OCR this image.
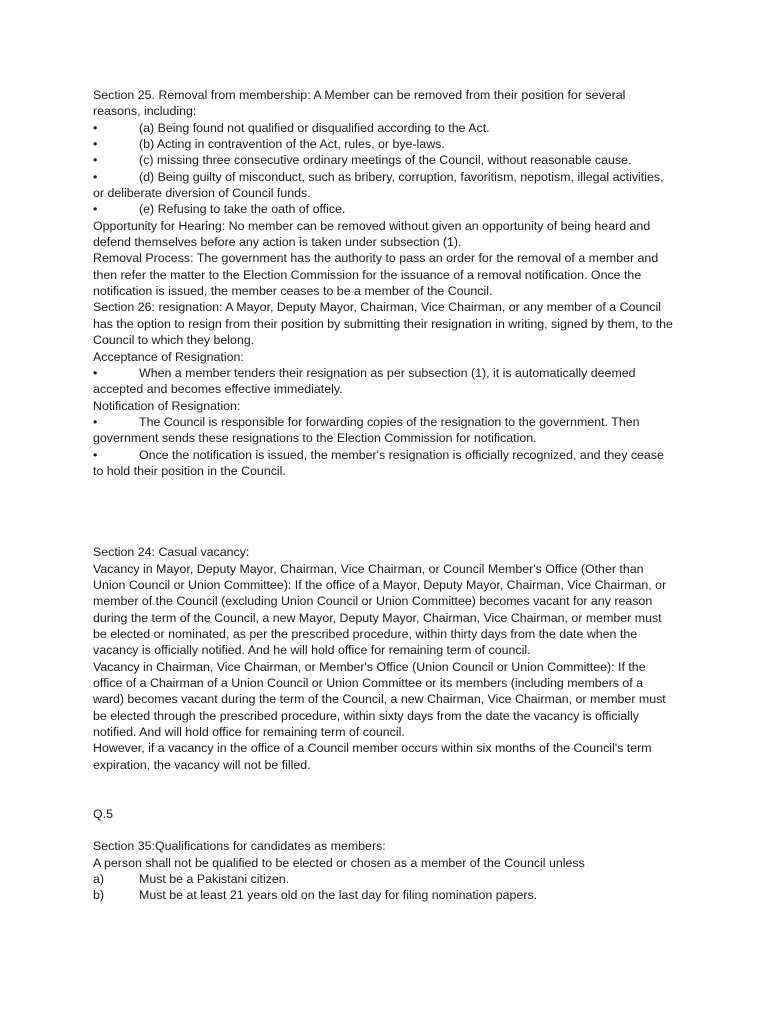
Section 25. Removal from membership: A Member can be removed from their position for several reasons, including:

•	(a) Being found not qualified or disqualified according to the Act.
•	(b) Acting in contravention of the Act, rules, or bye-laws.
•	(c) missing three consecutive ordinary meetings of the Council, without reasonable cause.
•	(d) Being guilty of misconduct, such as bribery, corruption, favoritism, nepotism, illegal activities, or deliberate diversion of Council funds.
•	(e) Refusing to take the oath of office.

Opportunity for Hearing: No member can be removed without given an opportunity of being heard and defend themselves before any action is taken under subsection (1).

Removal Process: The government has the authority to pass an order for the removal of a member and then refer the matter to the Election Commission for the issuance of a removal notification. Once the notification is issued, the member ceases to be a member of the Council.

Section 26: resignation: A Mayor, Deputy Mayor, Chairman, Vice Chairman, or any member of a Council has the option to resign from their position by submitting their resignation in writing, signed by them, to the Council to which they belong.

Acceptance of Resignation:

•	When a member tenders their resignation as per subsection (1), it is automatically deemed accepted and becomes effective immediately.

Notification of Resignation:

•	The Council is responsible for forwarding copies of the resignation to the government. Then government sends these resignations to the Election Commission for notification.
•	Once the notification is issued, the member's resignation is officially recognized, and they cease to hold their position in the Council.

Section 24: Casual vacancy:

Vacancy in Mayor, Deputy Mayor, Chairman, Vice Chairman, or Council Member's Office (Other than Union Council or Union Committee): If the office of a Mayor, Deputy Mayor, Chairman, Vice Chairman, or member of the Council (excluding Union Council or Union Committee) becomes vacant for any reason during the term of the Council, a new Mayor, Deputy Mayor, Chairman, Vice Chairman, or member must be elected or nominated, as per the prescribed procedure, within thirty days from the date when the vacancy is officially notified. And he will hold office for remaining term of council.

Vacancy in Chairman, Vice Chairman, or Member's Office (Union Council or Union Committee): If the office of a Chairman of a Union Council or Union Committee or its members (including members of a ward) becomes vacant during the term of the Council, a new Chairman, Vice Chairman, or member must be elected through the prescribed procedure, within sixty days from the date the vacancy is officially notified. And will hold office for remaining term of council.

However, if a vacancy in the office of a Council member occurs within six months of the Council's term expiration, the vacancy will not be filled.

Q.5

Section 35:Qualifications for candidates as members:

A person shall not be qualified to be elected or chosen as a member of the Council unless

a)	Must be a Pakistani citizen.
b)	Must be at least 21 years old on the last day for filing nomination papers.
